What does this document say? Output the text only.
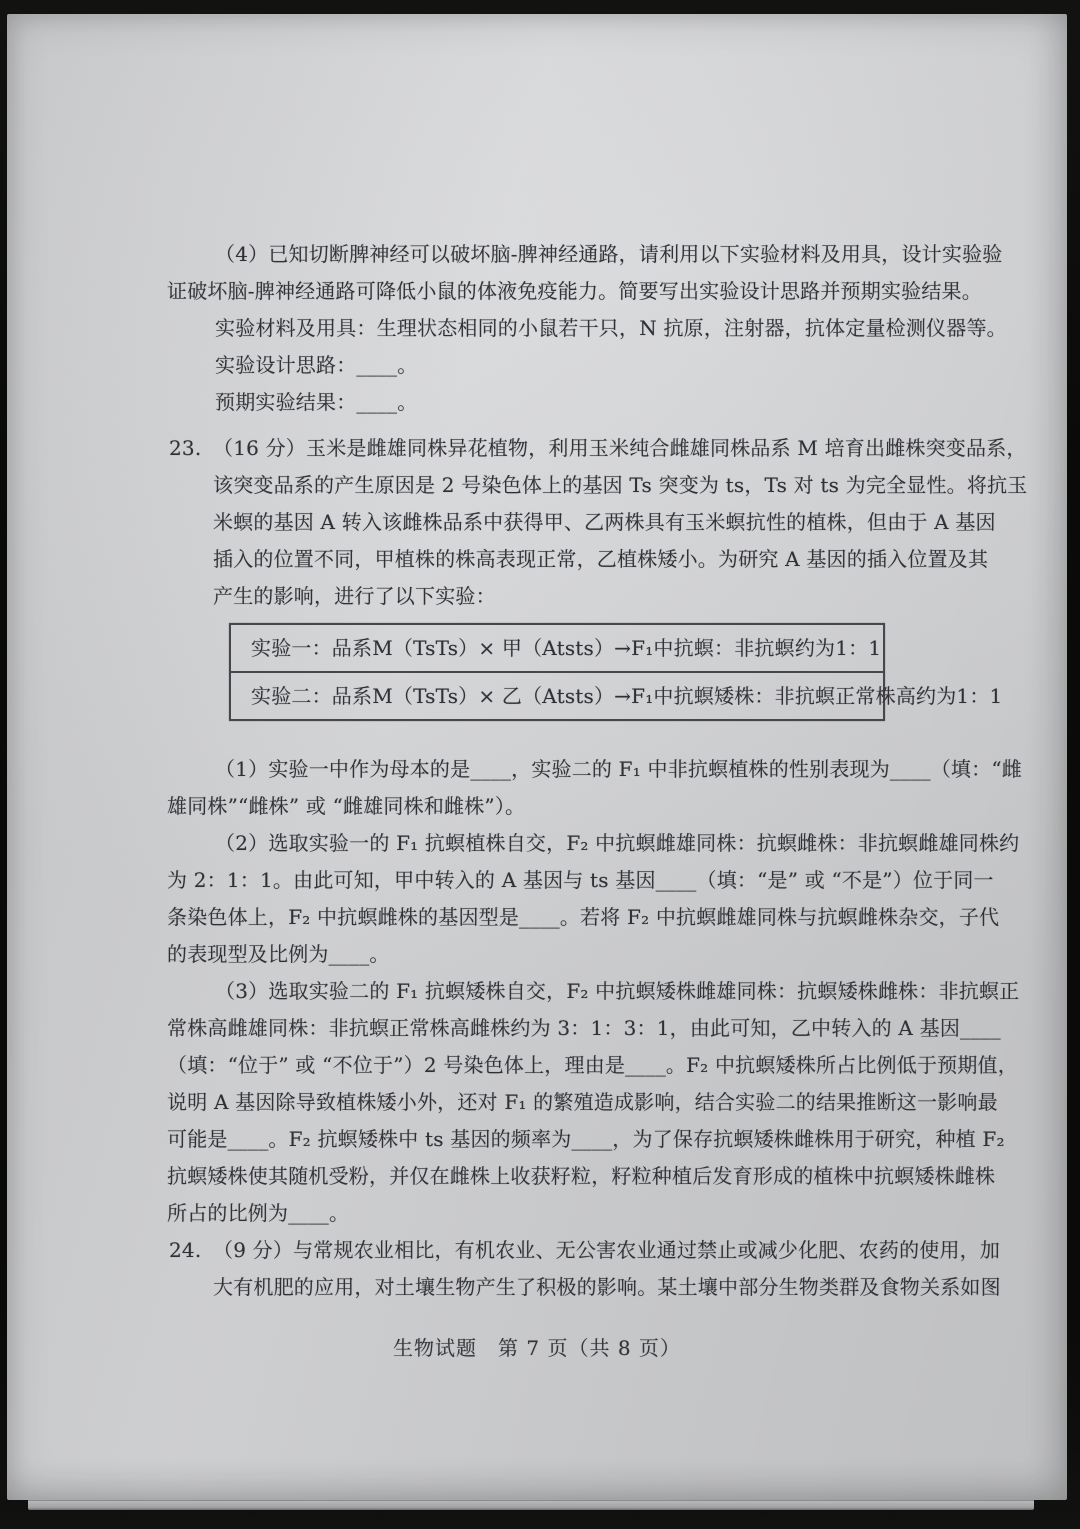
（4）已知切断脾神经可以破坏脑-脾神经通路，请利用以下实验材料及用具，设计实验验
证破坏脑-脾神经通路可降低小鼠的体液免疫能力。简要写出实验设计思路并预期实验结果。
实验材料及用具：生理状态相同的小鼠若干只，N 抗原，注射器，抗体定量检测仪器等。
实验设计思路：____。
预期实验结果：____。
23. （16 分）玉米是雌雄同株异花植物，利用玉米纯合雌雄同株品系 M 培育出雌株突变品系，
该突变品系的产生原因是 2 号染色体上的基因 Ts 突变为 ts，Ts 对 ts 为完全显性。将抗玉
米螟的基因 A 转入该雌株品系中获得甲、乙两株具有玉米螟抗性的植株，但由于 A 基因
插入的位置不同，甲植株的株高表现正常，乙植株矮小。为研究 A 基因的插入位置及其
产生的影响，进行了以下实验：
实验一：品系M（TsTs）× 甲（Atsts）→F₁中抗螟：非抗螟约为1：1
实验二：品系M（TsTs）× 乙（Atsts）→F₁中抗螟矮株：非抗螟正常株高约为1：1
（1）实验一中作为母本的是____，实验二的 F₁ 中非抗螟植株的性别表现为____（填：“雌
雄同株”“雌株” 或 “雌雄同株和雌株”）。
（2）选取实验一的 F₁ 抗螟植株自交，F₂ 中抗螟雌雄同株：抗螟雌株：非抗螟雌雄同株约
为 2：1：1。由此可知，甲中转入的 A 基因与 ts 基因____（填：“是” 或 “不是”）位于同一
条染色体上，F₂ 中抗螟雌株的基因型是____。若将 F₂ 中抗螟雌雄同株与抗螟雌株杂交，子代
的表现型及比例为____。
（3）选取实验二的 F₁ 抗螟矮株自交，F₂ 中抗螟矮株雌雄同株：抗螟矮株雌株：非抗螟正
常株高雌雄同株：非抗螟正常株高雌株约为 3：1：3：1，由此可知，乙中转入的 A 基因____
（填：“位于” 或 “不位于”）2 号染色体上，理由是____。F₂ 中抗螟矮株所占比例低于预期值，
说明 A 基因除导致植株矮小外，还对 F₁ 的繁殖造成影响，结合实验二的结果推断这一影响最
可能是____。F₂ 抗螟矮株中 ts 基因的频率为____，为了保存抗螟矮株雌株用于研究，种植 F₂
抗螟矮株使其随机受粉，并仅在雌株上收获籽粒，籽粒种植后发育形成的植株中抗螟矮株雌株
所占的比例为____。
24. （9 分）与常规农业相比，有机农业、无公害农业通过禁止或减少化肥、农药的使用，加
大有机肥的应用，对土壤生物产生了积极的影响。某土壤中部分生物类群及食物关系如图
生物试题　第 7 页（共 8 页）
